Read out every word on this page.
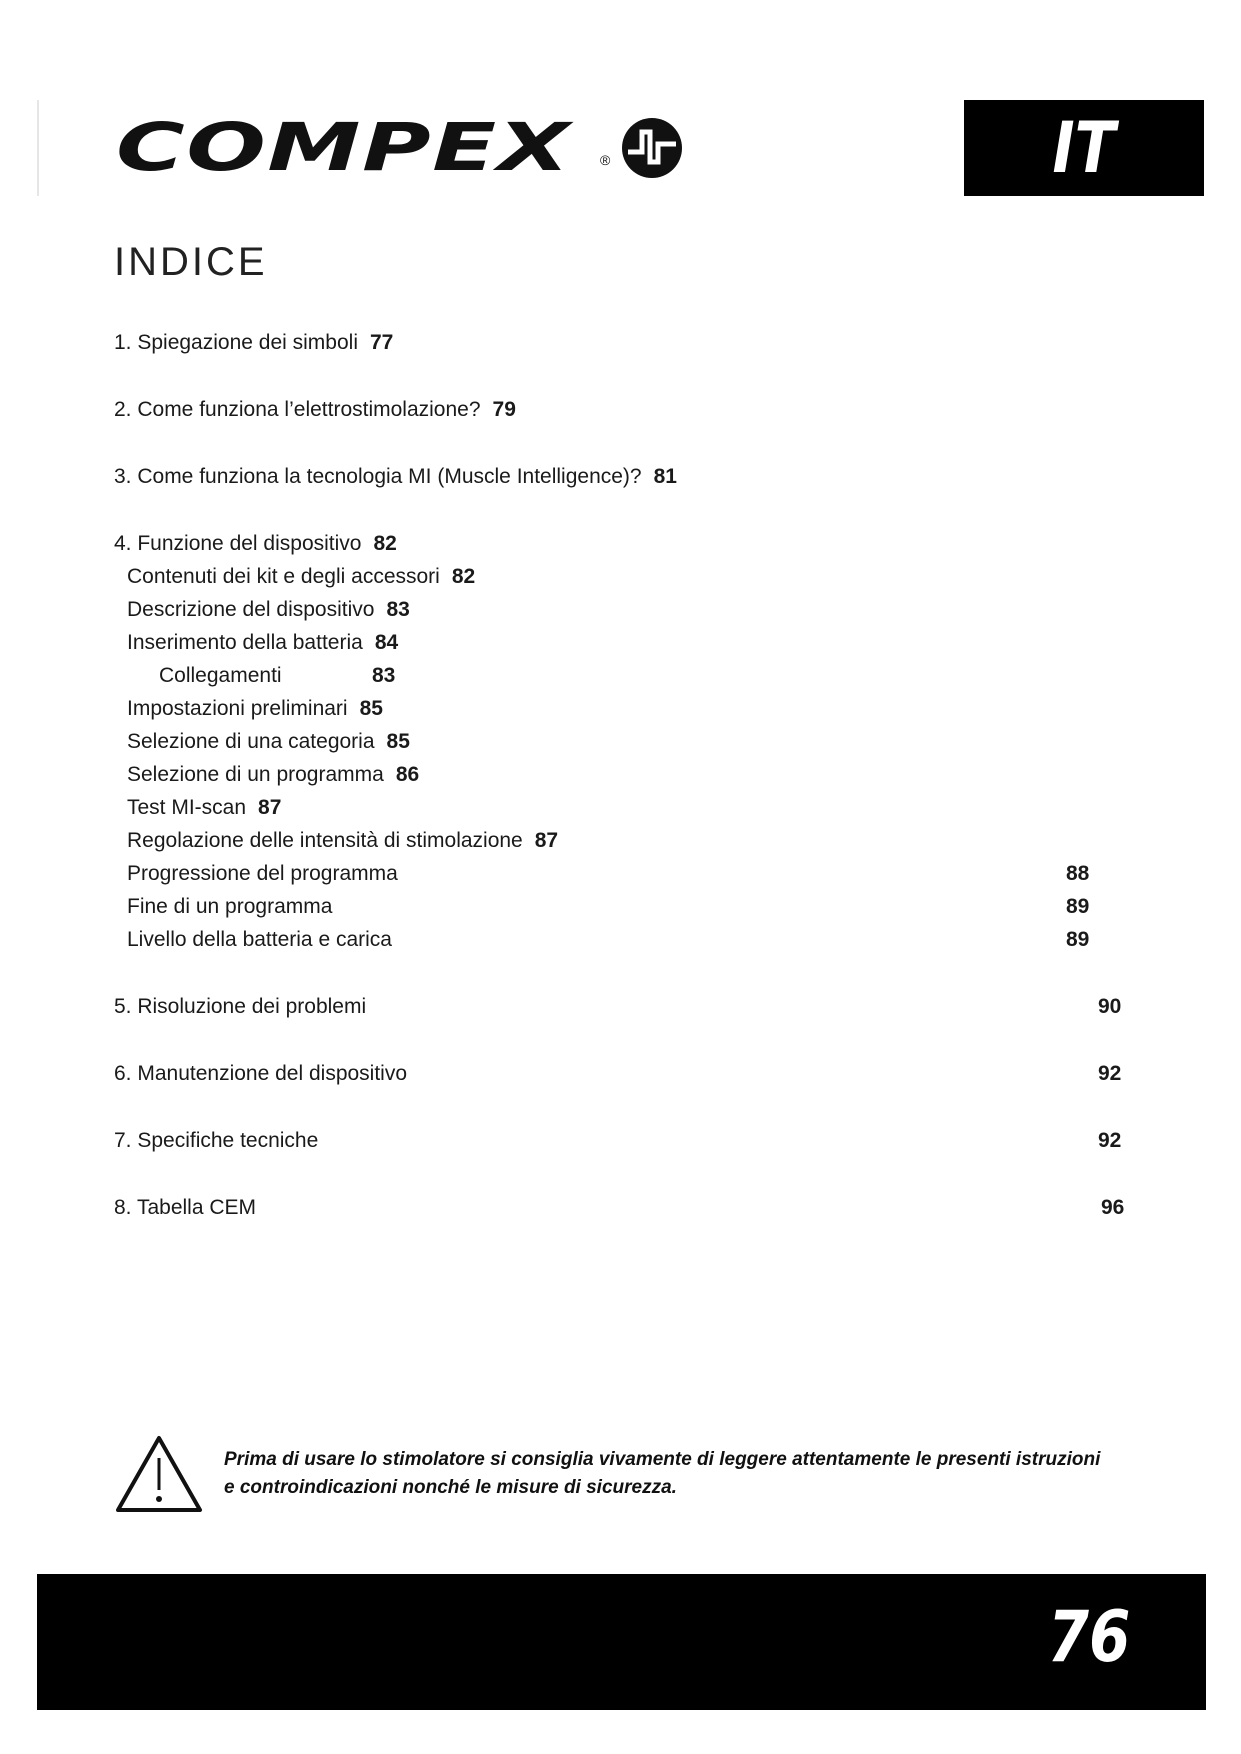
COMPEX ®	IT
INDICE
1. Spiegazione dei simboli 77
2. Come funziona l’elettrostimolazione? 79
3. Come funziona la tecnologia MI (Muscle Intelligence)? 81
4. Funzione del dispositivo 82
Contenuti dei kit e degli accessori 82
Descrizione del dispositivo 83
Inserimento della batteria 84
Collegamenti	83
Impostazioni preliminari 85
Selezione di una categoria 85
Selezione di un programma 86
Test MI-scan 87
Regolazione delle intensità di stimolazione 87
Progressione del programma	88
Fine di un programma	89
Livello della batteria e carica	89
5. Risoluzione dei problemi	90
6. Manutenzione del dispositivo	92
7. Specifiche tecniche	92
8. Tabella CEM	96
Prima di usare lo stimolatore si consiglia vivamente di leggere attentamente le presenti istruzioni
e controindicazioni nonché le misure di sicurezza.
76
